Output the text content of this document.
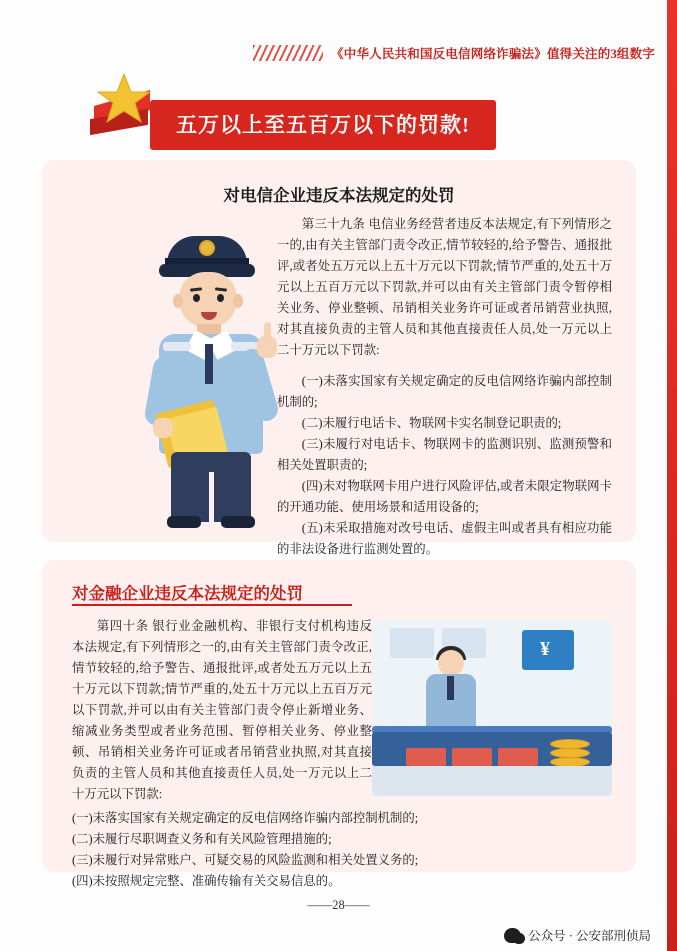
《中华人民共和国反电信网络诈骗法》值得关注的3组数字
五万以上至五百万以下的罚款!
对电信企业违反本法规定的处罚

第三十九条 电信业务经营者违反本法规定,有下列情形之一的,由有关主管部门责令改正,情节较轻的,给予警告、通报批评,或者处五万元以上五十万元以下罚款;情节严重的,处五十万元以上五百万元以下罚款,并可以由有关主管部门责令暂停相关业务、停业整顿、吊销相关业务许可证或者吊销营业执照,对其直接负责的主管人员和其他直接责任人员,处一万元以上二十万元以下罚款:

(一)未落实国家有关规定确定的反电信网络诈骗内部控制机制的;

(二)未履行电话卡、物联网卡实名制登记职责的;

(三)未履行对电话卡、物联网卡的监测识别、监测预警和相关处置职责的;

(四)未对物联网卡用户进行风险评估,或者未限定物联网卡的开通功能、使用场景和适用设备的;

(五)未采取措施对改号电话、虚假主叫或者具有相应功能的非法设备进行监测处置的。

对金融企业违反本法规定的处罚
¥

第四十条 银行业金融机构、非银行支付机构违反本法规定,有下列情形之一的,由有关主管部门责令改正,情节较轻的,给予警告、通报批评,或者处五万元以上五十万元以下罚款;情节严重的,处五十万元以上五百万元以下罚款,并可以由有关主管部门责令停止新增业务、缩减业务类型或者业务范围、暂停相关业务、停业整顿、吊销相关业务许可证或者吊销营业执照,对其直接负责的主管人员和其他直接责任人员,处一万元以上二十万元以下罚款:

(一)未落实国家有关规定确定的反电信网络诈骗内部控制机制的;

(二)未履行尽职调查义务和有关风险管理措施的;

(三)未履行对异常账户、可疑交易的风险监测和相关处置义务的;

(四)未按照规定完整、准确传输有关交易信息的。

——28——
公众号 · 公安部刑侦局
